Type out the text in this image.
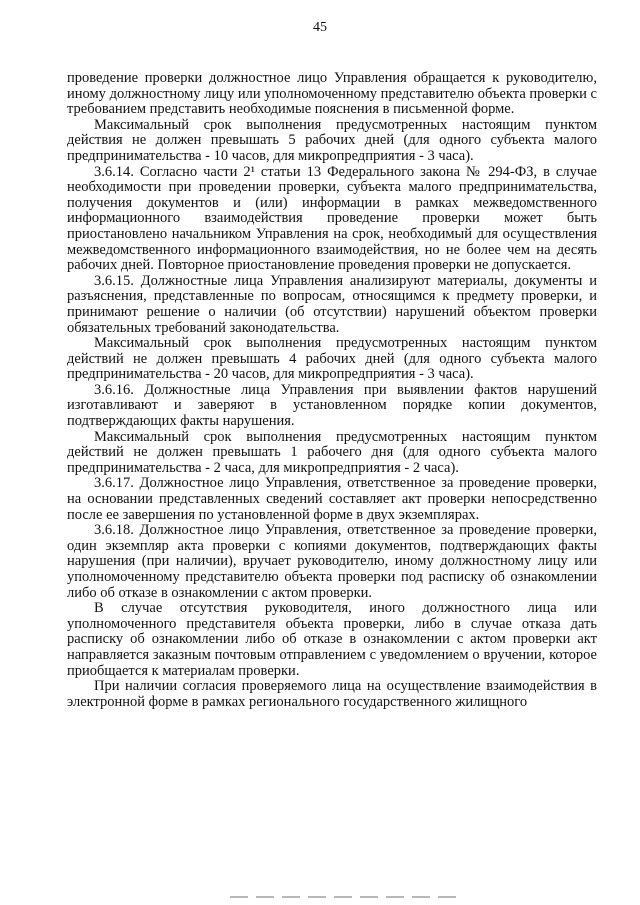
45

проведение проверки должностное лицо Управления обращается к руководителю, иному должностному лицу или уполномоченному представителю объекта проверки с требованием представить необходимые пояснения в письменной форме.

Максимальный срок выполнения предусмотренных настоящим пунктом действия не должен превышать 5 рабочих дней (для одного субъекта малого предпринимательства - 10 часов, для микропредприятия - 3 часа).

3.6.14. Согласно части 2¹ статьи 13 Федерального закона № 294-ФЗ, в случае необходимости при проведении проверки, субъекта малого предпринимательства, получения документов и (или) информации в рамках межведомственного информационного взаимодействия проведение проверки может быть приостановлено начальником Управления на срок, необходимый для осуществления межведомственного информационного взаимодействия, но не более чем на десять рабочих дней. Повторное приостановление проведения проверки не допускается.

3.6.15. Должностные лица Управления анализируют материалы, документы и разъяснения, представленные по вопросам, относящимся к предмету проверки, и принимают решение о наличии (об отсутствии) нарушений объектом проверки обязательных требований законодательства.

Максимальный срок выполнения предусмотренных настоящим пунктом действий не должен превышать 4 рабочих дней (для одного субъекта малого предпринимательства - 20 часов, для микропредприятия - 3 часа).

3.6.16. Должностные лица Управления при выявлении фактов нарушений изготавливают и заверяют в установленном порядке копии документов, подтверждающих факты нарушения.

Максимальный срок выполнения предусмотренных настоящим пунктом действий не должен превышать 1 рабочего дня (для одного субъекта малого предпринимательства - 2 часа, для микропредприятия - 2 часа).

3.6.17. Должностное лицо Управления, ответственное за проведение проверки, на основании представленных сведений составляет акт проверки непосредственно после ее завершения по установленной форме в двух экземплярах.

3.6.18. Должностное лицо Управления, ответственное за проведение проверки, один экземпляр акта проверки с копиями документов, подтверждающих факты нарушения (при наличии), вручает руководителю, иному должностному лицу или уполномоченному представителю объекта проверки под расписку об ознакомлении либо об отказе в ознакомлении с актом проверки.

В случае отсутствия руководителя, иного должностного лица или уполномоченного представителя объекта проверки, либо в случае отказа дать расписку об ознакомлении либо об отказе в ознакомлении с актом проверки акт направляется заказным почтовым отправлением с уведомлением о вручении, которое приобщается к материалам проверки.

При наличии согласия проверяемого лица на осуществление взаимодействия в электронной форме в рамках регионального государственного жилищного
